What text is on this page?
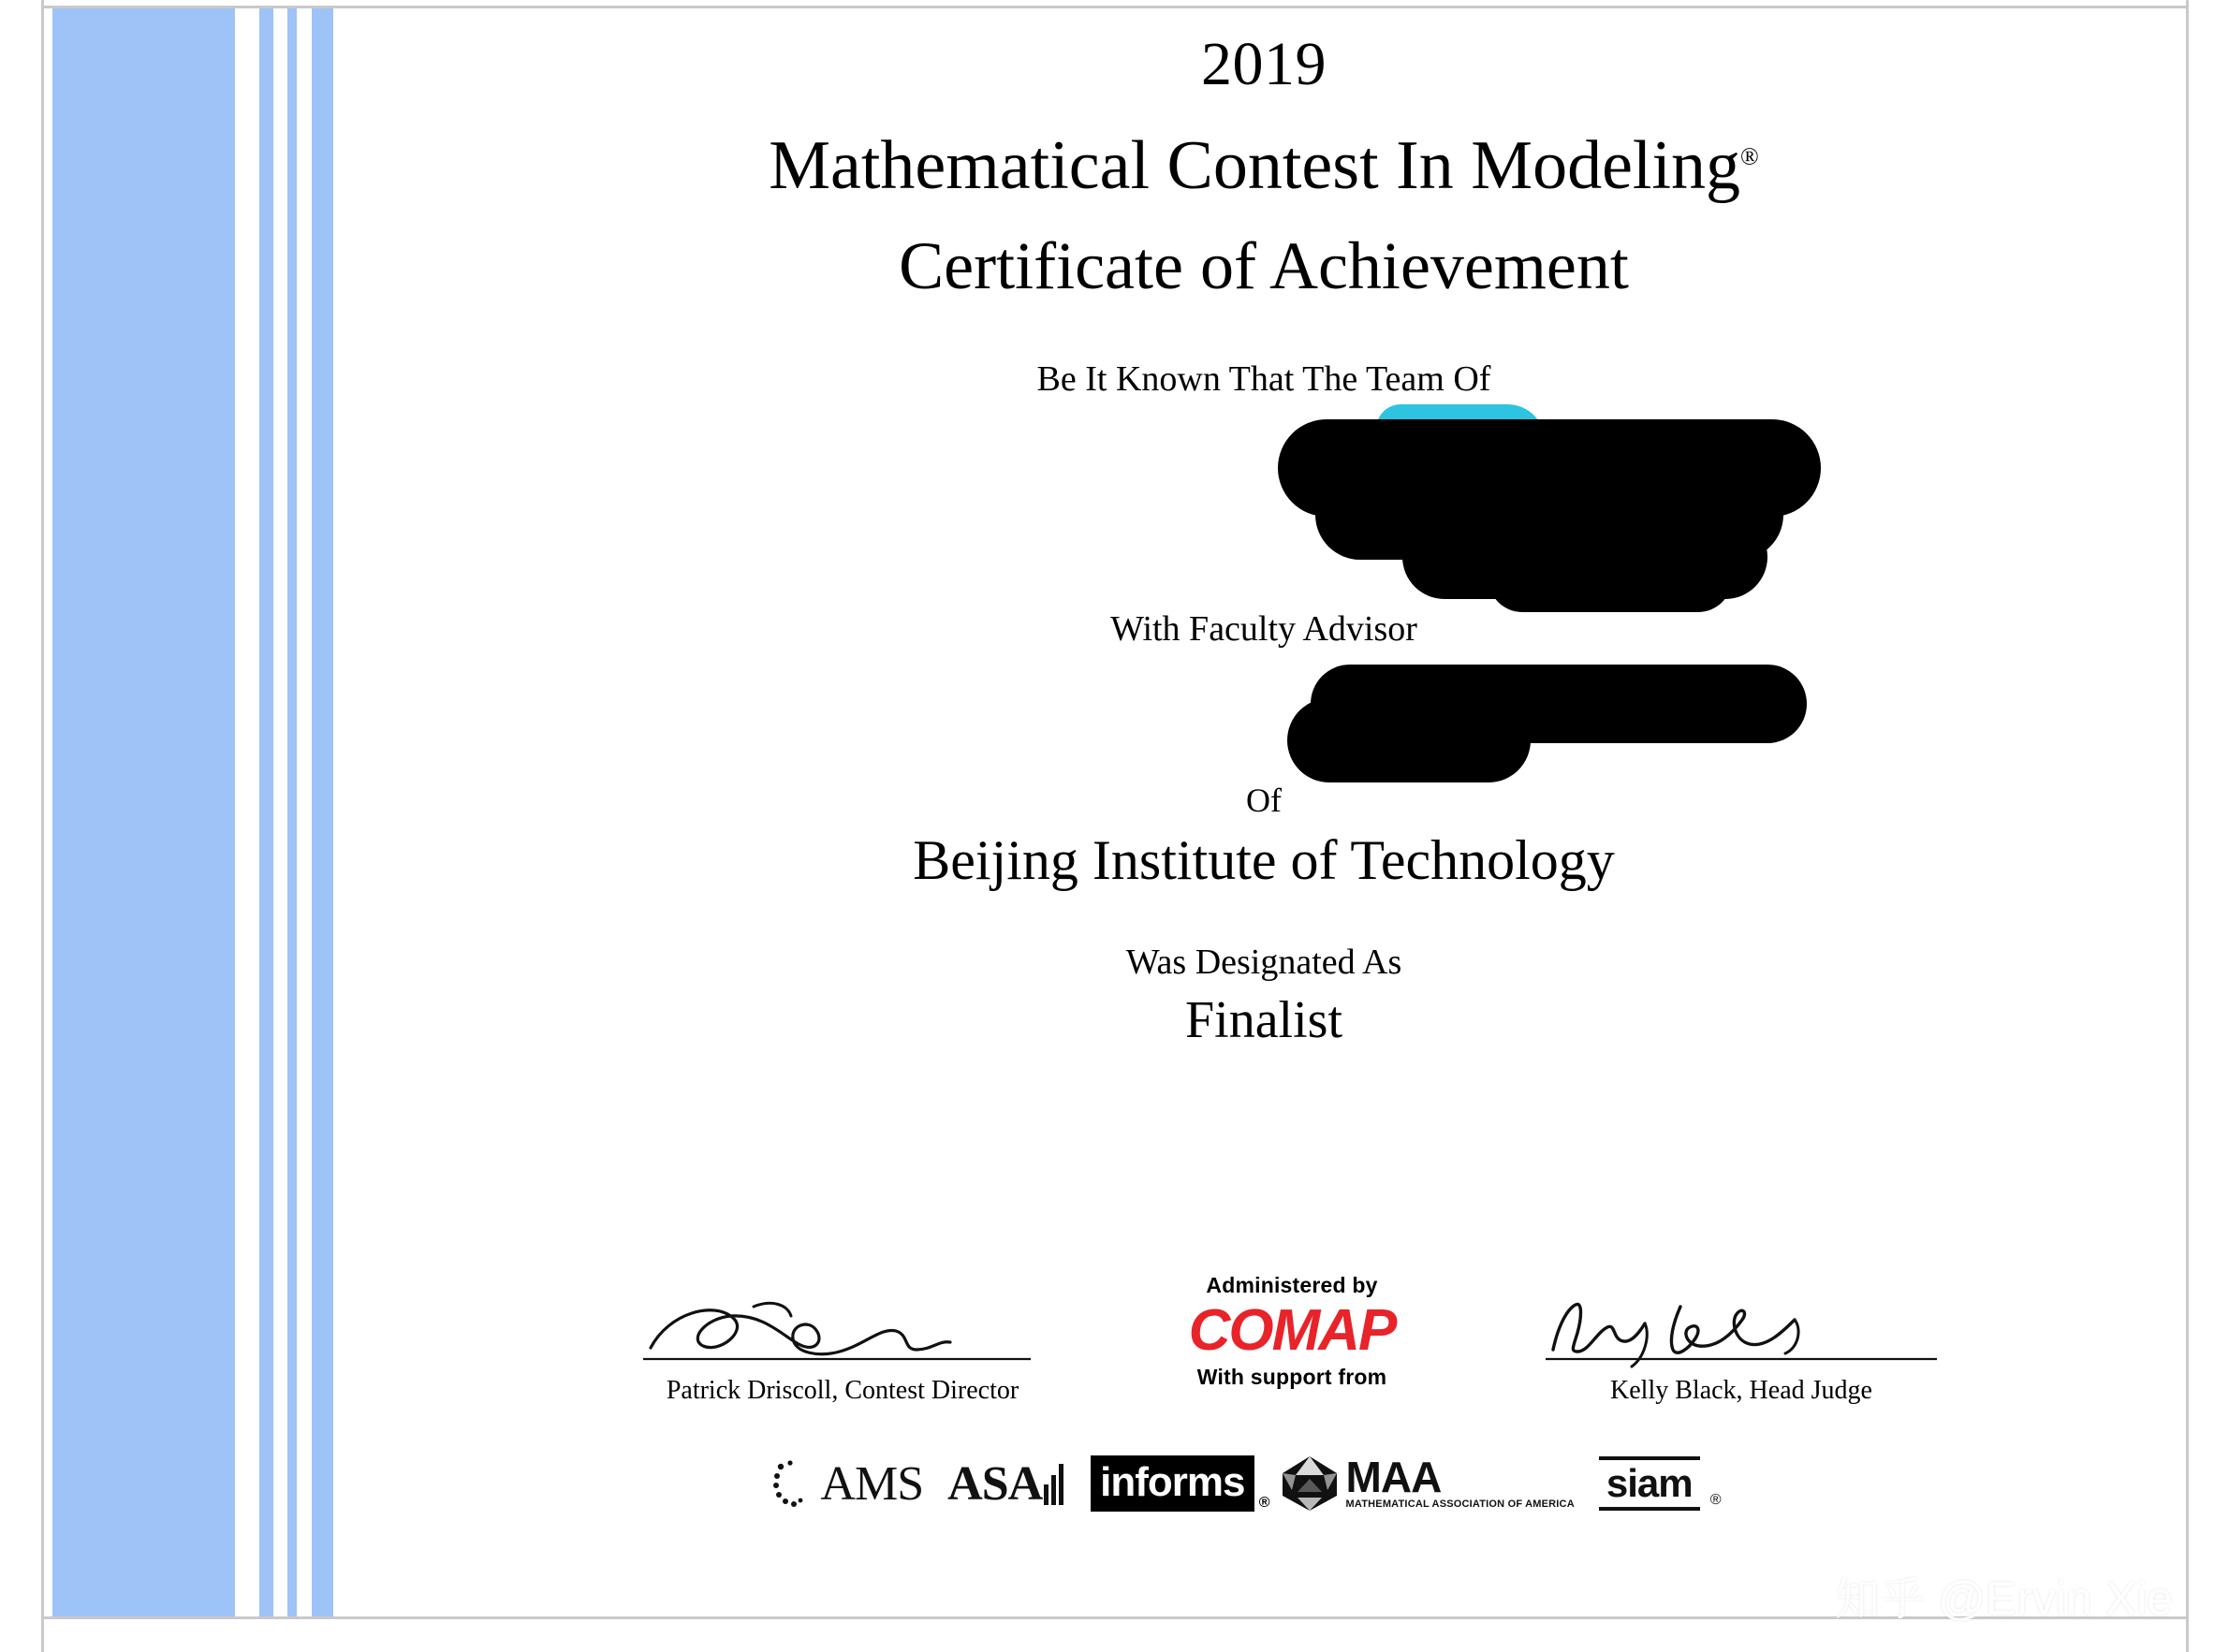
2019
Mathematical Contest In Modeling®
Certificate of Achievement
Be It Known That The Team Of
With Faculty Advisor
Of
Beijing Institute of Technology
Was Designated As
Finalist
Patrick Driscoll, Contest Director
Administered by
COMAP
With support from	Kelly Black, Head Judge
AMS ASA informs ®
MAA
MATHEMATICAL ASSOCIATION OF AMERICA siam ®
知乎 @Ervin Xie
